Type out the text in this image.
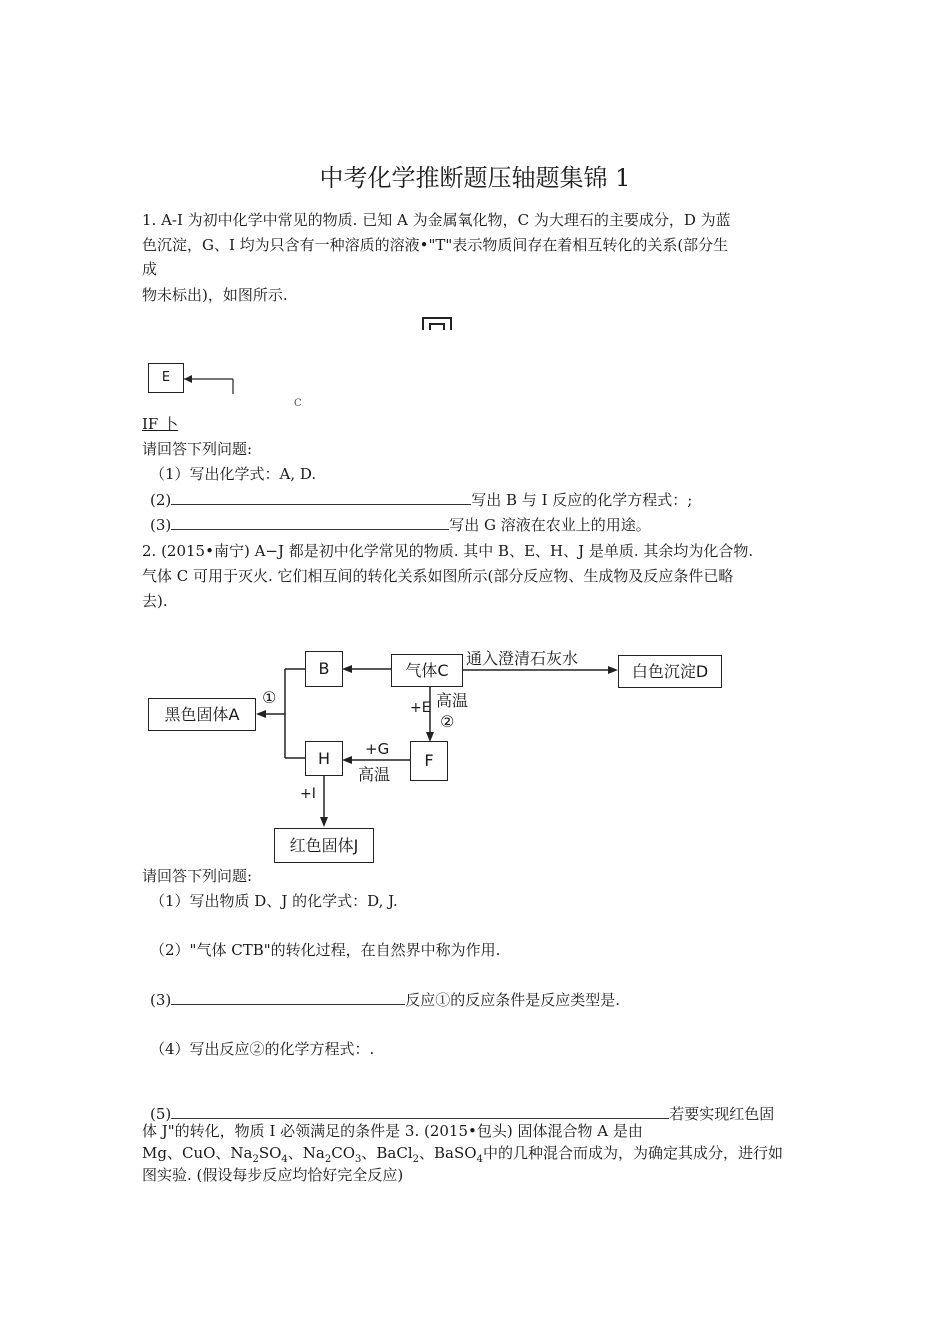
中考化学推断题压轴题集锦 1
1. A-I 为初中化学中常见的物质. 已知 A 为金属氧化物，C 为大理石的主要成分，D 为蓝
色沉淀，G、I 均为只含有一种溶质的溶液•"T"表示物质间存在着相互转化的关系(部分生
成
物未标出)，如图所示.
E
C
IF 卜
请回答下列问题:
（1）写出化学式：A, D.
(2)	写出 B 与 I 反应的化学方程式：;
(3)	写出 G 溶液在农业上的用途。
2. (2015•南宁) A−J 都是初中化学常见的物质. 其中 B、E、H、J 是单质. 其余均为化合物.
气体 C 可用于灭火. 它们相互间的转化关系如图所示(部分反应物、生成物及反应条件已略
去).
B	气体C	白色沉淀D
黑色固体A
H	F
红色固体J
通入澄清石灰水
①
+E 高温
②
+G
高温
+I
请回答下列问题:
（1）写出物质 D、J 的化学式：D, J.
（2）"气体 CTB"的转化过程，在自然界中称为作用.
(3)	反应①的反应条件是反应类型是.
（4）写出反应②的化学方程式：.
(5)	若要实现红色固
体 J"的转化，物质 I 必领满足的条件是 3. (2015•包头) 固体混合物 A 是由
Mg、CuO、$Na_2SO_4$、$Na_2CO_3$、BaCl$_2$、BaSO$_4$中的几种混合而成为，为确定其成分，进行如
图实验. (假设每步反应均恰好完全反应)
